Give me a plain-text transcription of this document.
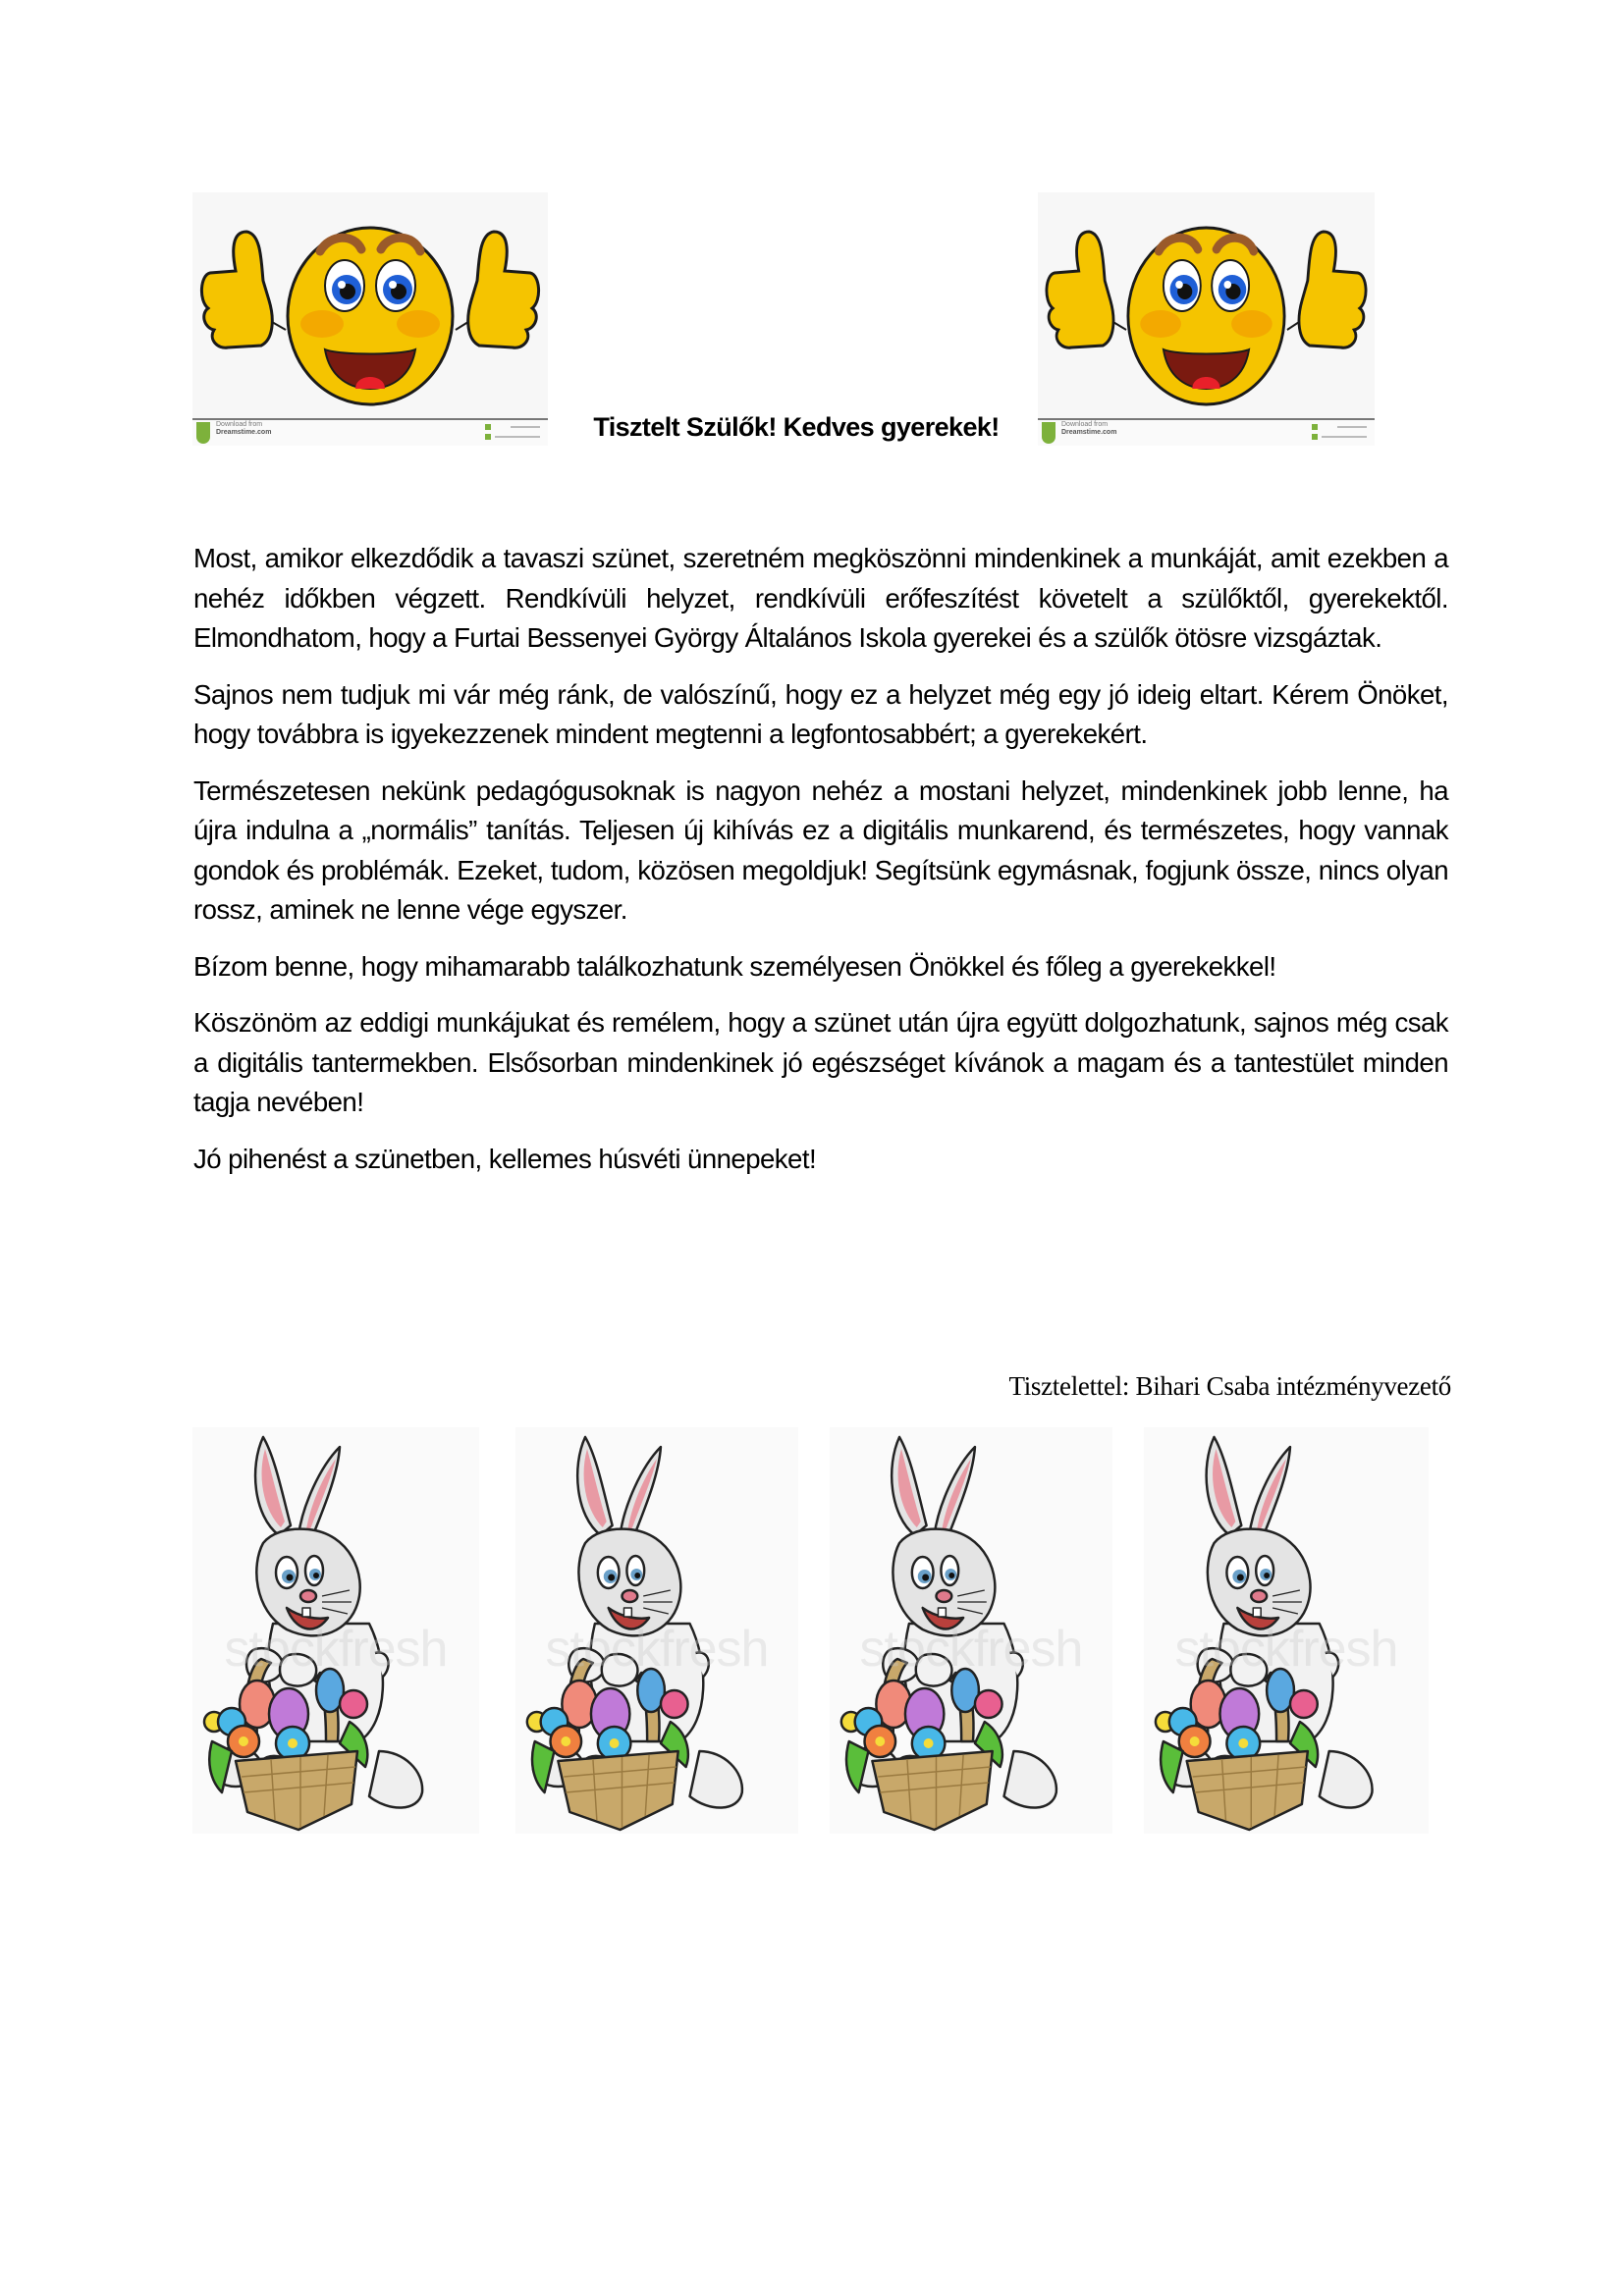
Download from
Dreamstime.com	Tisztelt Szülők! Kedves gyerekek!	Download from
Dreamstime.com

Most, amikor elkezdődik a tavaszi szünet, szeretném megköszönni mindenkinek a munkáját, amit ezekben a nehéz időkben végzett. Rendkívüli helyzet, rendkívüli erőfeszítést követelt a szülőktől, gyerekektől. Elmondhatom, hogy a Furtai Bessenyei György Általános Iskola gyerekei és a szülők ötösre vizsgáztak.

Sajnos nem tudjuk mi vár még ránk, de valószínű, hogy ez a helyzet még egy jó ideig eltart. Kérem Önöket, hogy továbbra is igyekezzenek mindent megtenni a legfontosabbért; a gyerekekért.

Természetesen nekünk pedagógusoknak is nagyon nehéz a mostani helyzet, mindenkinek jobb lenne, ha újra indulna a „normális” tanítás. Teljesen új kihívás ez a digitális munkarend, és természetes, hogy vannak gondok és problémák. Ezeket, tudom, közösen megoldjuk! Segítsünk egymásnak, fogjunk össze, nincs olyan rossz, aminek ne lenne vége egyszer.

Bízom benne, hogy mihamarabb találkozhatunk személyesen Önökkel és főleg a gyerekekkel!

Köszönöm az eddigi munkájukat és remélem, hogy a szünet után újra együtt dolgozhatunk, sajnos még csak a digitális tantermekben. Elsősorban mindenkinek jó egészséget kívánok a magam és a tantestület minden tagja nevében!

Jó pihenést a szünetben, kellemes húsvéti ünnepeket!

Tisztelettel: Bihari Csaba intézményvezető
stockfresh	stockfresh	stockfresh	stockfresh
